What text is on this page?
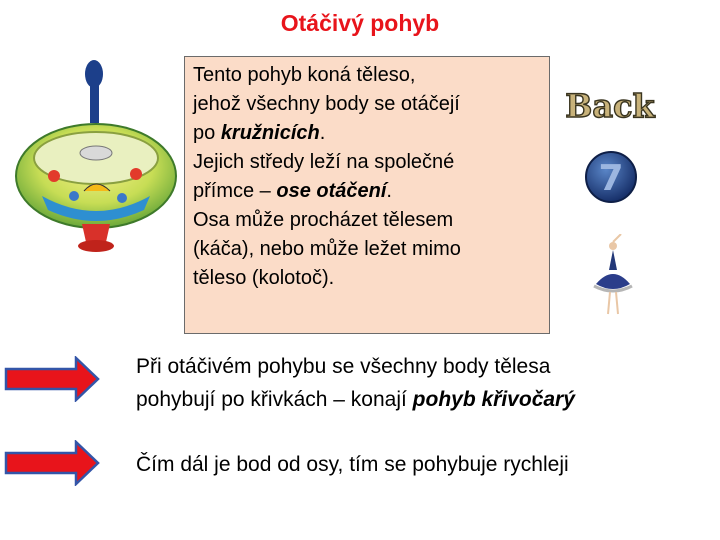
Otáčivý pohyb
Tento pohyb koná těleso,
jehož všechny body se otáčejí
po kružnicích.
Jejich středy leží na společné
přímce – ose otáčení.
Osa může procházet tělesem
(káča), nebo může ležet mimo
těleso (kolotoč).
Back
7
Při otáčivém pohybu se všechny body tělesa
pohybují po křivkách – konají pohyb křivočarý
Čím dál je bod od osy, tím se pohybuje rychleji
